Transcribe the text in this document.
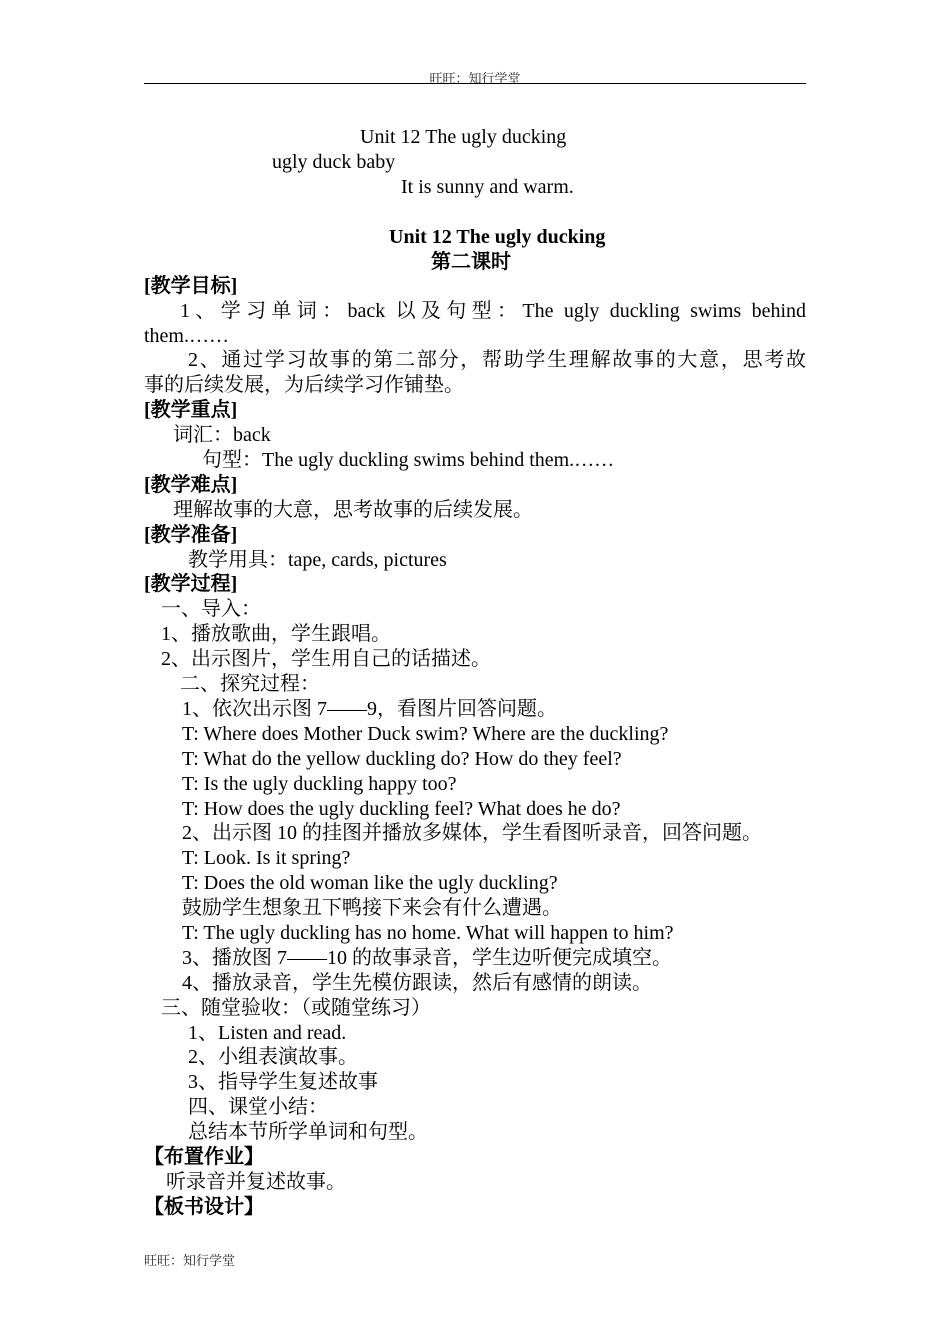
旺旺：知行学堂
Unit 12 The ugly ducking
ugly duck baby
It is sunny and warm.
Unit 12 The ugly ducking
第二课时
[教学目标]
1、学习单词：back 以及句型：The ugly duckling swims behind
them.……
2、通过学习故事的第二部分，帮助学生理解故事的大意，思考故
事的后续发展，为后续学习作铺垫。
[教学重点]
词汇：back
句型：The ugly duckling swims behind them.……
[教学难点]
理解故事的大意，思考故事的后续发展。
[教学准备]
教学用具：tape, cards, pictures
[教学过程]
一、导入：
1、播放歌曲，学生跟唱。
2、出示图片，学生用自己的话描述。
二、探究过程：
1、依次出示图 7——9，看图片回答问题。
T: Where does Mother Duck swim? Where are the duckling?
T: What do the yellow duckling do? How do they feel?
T: Is the ugly duckling happy too?
T: How does the ugly duckling feel? What does he do?
2、出示图 10 的挂图并播放多媒体，学生看图听录音，回答问题。
T: Look. Is it spring?
T: Does the old woman like the ugly duckling?
鼓励学生想象丑下鸭接下来会有什么遭遇。
T: The ugly duckling has no home. What will happen to him?
3、播放图 7——10 的故事录音，学生边听便完成填空。
4、播放录音，学生先模仿跟读，然后有感情的朗读。
三、随堂验收：（或随堂练习）
1、Listen and read.
2、小组表演故事。
3、指导学生复述故事
四、课堂小结：
总结本节所学单词和句型。
【布置作业】
听录音并复述故事。
【板书设计】
旺旺：知行学堂
